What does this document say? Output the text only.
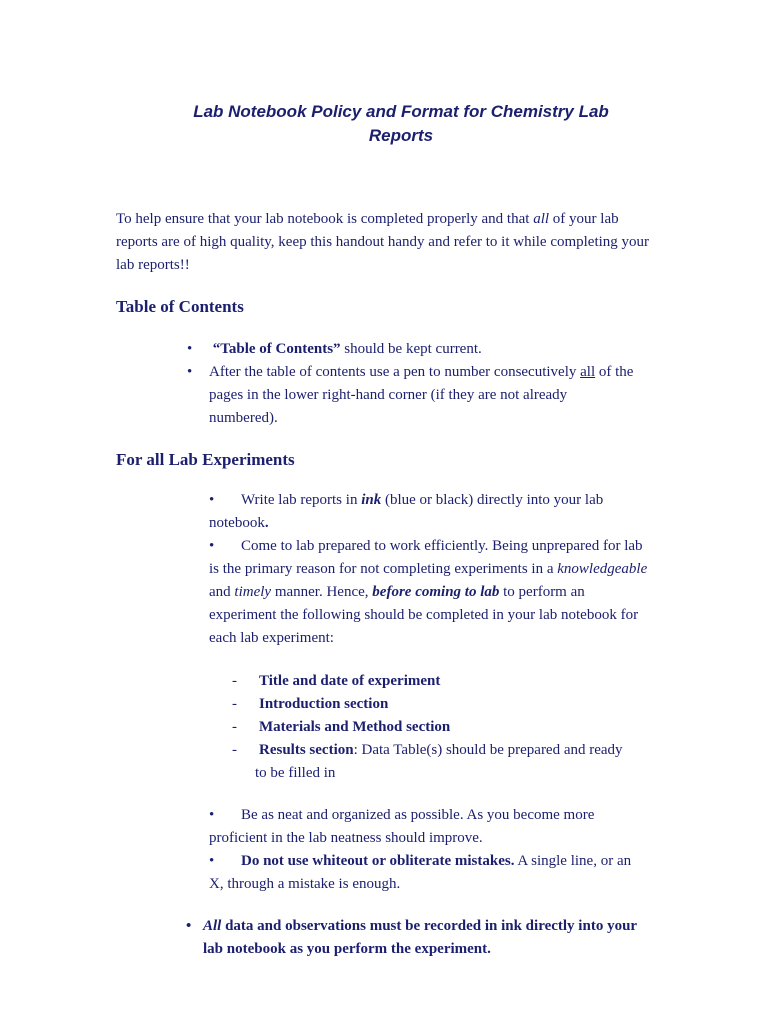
Lab Notebook Policy and Format for Chemistry Lab
Reports

To help ensure that your lab notebook is completed properly and that all of your lab reports are of high quality, keep this handout handy and refer to it while completing your lab reports!!

Table of Contents
• “Table of Contents” should be kept current.
• After the table of contents use a pen to number consecutively all of the pages in the lower right-hand corner (if they are not already numbered).
For all Lab Experiments
• Write lab reports in ink (blue or black) directly into your lab notebook.
• Come to lab prepared to work efficiently. Being unprepared for lab is the primary reason for not completing experiments in a knowledgeable and timely manner. Hence, before coming to lab to perform an experiment the following should be completed in your lab notebook for each lab experiment:
- Title and date of experiment
- Introduction section
- Materials and Method section
- Results section: Data Table(s) should be prepared and ready
to be filled in
• Be as neat and organized as possible. As you become more proficient in the lab neatness should improve.
• Do not use whiteout or obliterate mistakes. A single line, or an X, through a mistake is enough.
• All data and observations must be recorded in ink directly into your lab notebook as you perform the experiment.
